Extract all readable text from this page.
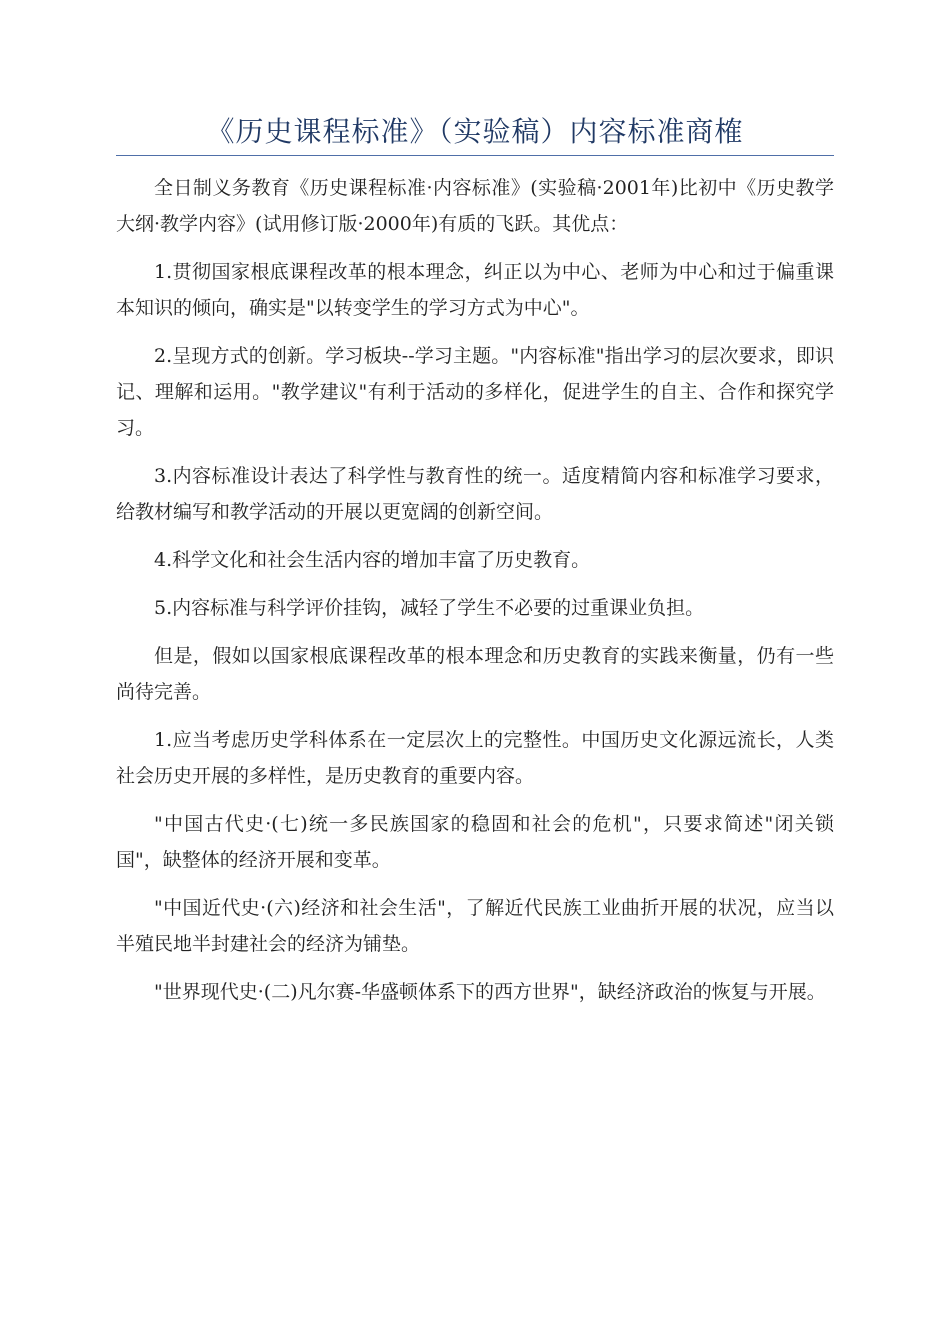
《历史课程标准》（实验稿）内容标准商榷

全日制义务教育《历史课程标准·内容标准》(实验稿·2001年)比初中《历史教学大纲·教学内容》(试用修订版·2000年)有质的飞跃。其优点：

1.贯彻国家根底课程改革的根本理念，纠正以为中心、老师为中心和过于偏重课本知识的倾向，确实是"以转变学生的学习方式为中心"。

2.呈现方式的创新。学习板块--学习主题。"内容标准"指出学习的层次要求，即识记、理解和运用。"教学建议"有利于活动的多样化，促进学生的自主、合作和探究学习。

3.内容标准设计表达了科学性与教育性的统一。适度精简内容和标准学习要求，给教材编写和教学活动的开展以更宽阔的创新空间。

4.科学文化和社会生活内容的增加丰富了历史教育。

5.内容标准与科学评价挂钩，减轻了学生不必要的过重课业负担。

但是，假如以国家根底课程改革的根本理念和历史教育的实践来衡量，仍有一些尚待完善。

1.应当考虑历史学科体系在一定层次上的完整性。中国历史文化源远流长，人类社会历史开展的多样性，是历史教育的重要内容。

"中国古代史·(七)统一多民族国家的稳固和社会的危机"，只要求简述"闭关锁国"，缺整体的经济开展和变革。

"中国近代史·(六)经济和社会生活"，了解近代民族工业曲折开展的状况，应当以半殖民地半封建社会的经济为铺垫。

"世界现代史·(二)凡尔赛-华盛顿体系下的西方世界"，缺经济政治的恢复与开展。
